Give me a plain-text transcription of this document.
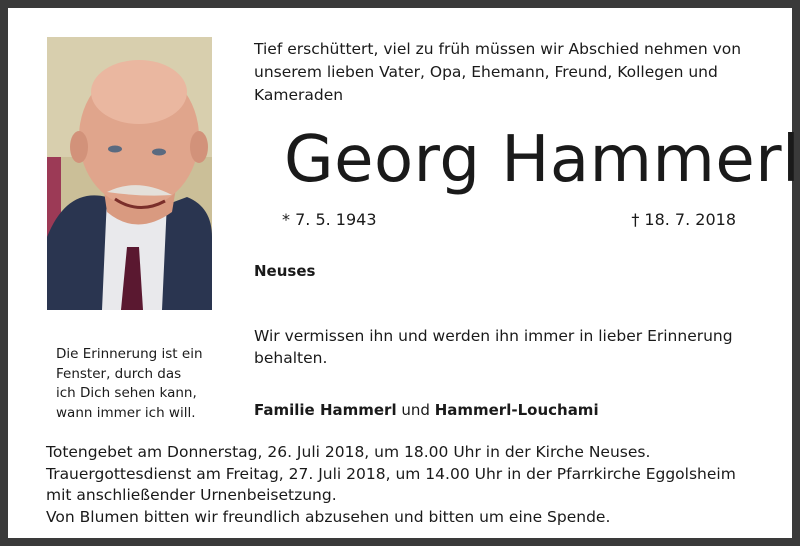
Tief erschüttert, viel zu früh müssen wir Abschied nehmen von unserem lieben Vater, Opa, Ehemann, Freund, Kollegen und Kameraden
Georg Hammerl
* 7. 5. 1943	† 18. 7. 2018
Neuses
Wir vermissen ihn und werden ihn immer in lieber Erinnerung behalten.
Die Erinnerung ist ein
Fenster, durch das
ich Dich sehen kann,
wann immer ich will.	Familie Hammerl und Hammerl-Louchami
Totengebet am Donnerstag, 26. Juli 2018, um 18.00 Uhr in der Kirche Neuses.
Trauergottesdienst am Freitag, 27. Juli 2018, um 14.00 Uhr in der Pfarrkirche Eggolsheim
mit anschließender Urnenbeisetzung.
Von Blumen bitten wir freundlich abzusehen und bitten um eine Spende.
